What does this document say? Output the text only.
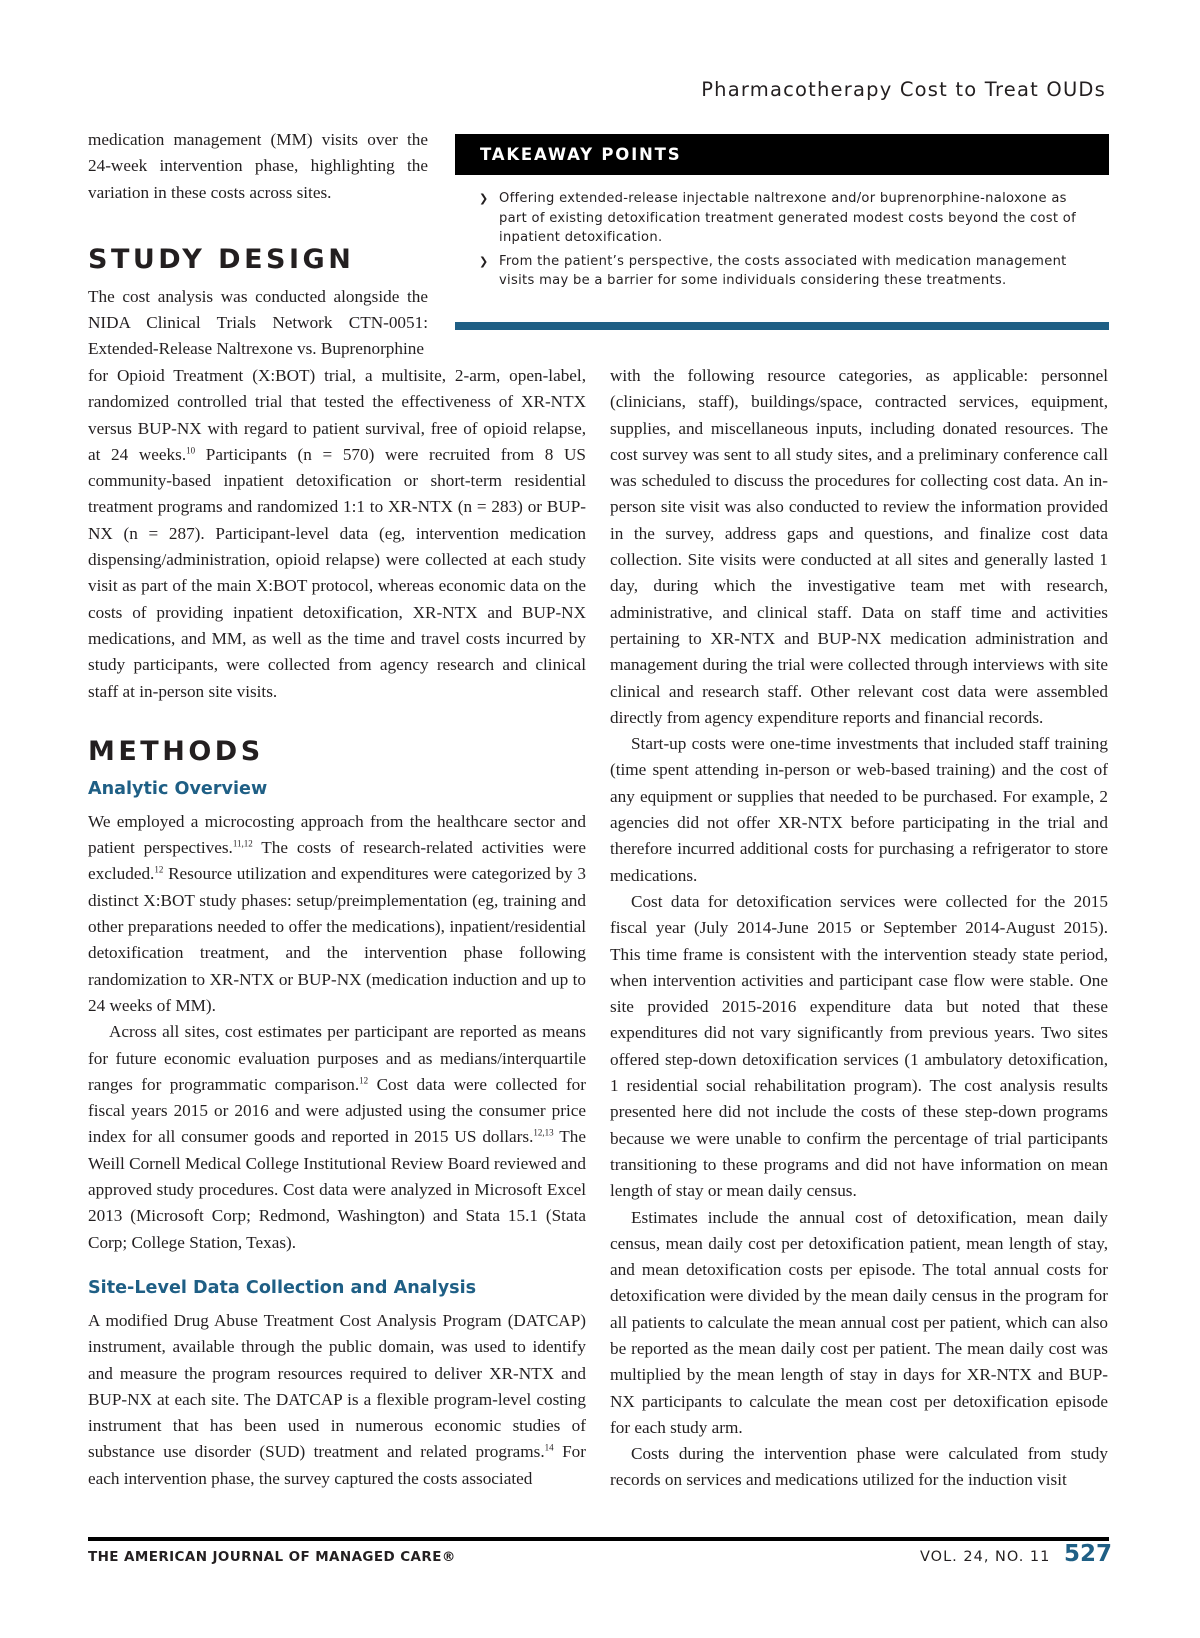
Pharmacotherapy Cost to Treat OUDs

medication management (MM) visits over the 24-week intervention phase, highlighting the variation in these costs across sites.

STUDY DESIGN

The cost analysis was conducted alongside the NIDA Clinical Trials Network CTN-0051: Extended-Release Naltrexone vs. Buprenorphine

TAKEAWAY POINTS
❯ Offering extended-release injectable naltrexone and/or buprenorphine-naloxone as part of existing detoxification treatment generated modest costs beyond the cost of inpatient detoxification.
❯ From the patient’s perspective, the costs associated with medication management visits may be a barrier for some individuals considering these treatments.

for Opioid Treatment (X:BOT) trial, a multisite, 2-arm, open-label, randomized controlled trial that tested the effectiveness of XR-NTX versus BUP-NX with regard to patient survival, free of opioid relapse, at 24 weeks.$^{10}$ Participants (n = 570) were recruited from 8 US community-based inpatient detoxification or short-term residential treatment programs and randomized 1:1 to XR-NTX (n = 283) or BUP-NX (n = 287). Participant-level data (eg, intervention medication dispensing/administration, opioid relapse) were collected at each study visit as part of the main X:BOT protocol, whereas economic data on the costs of providing inpatient detoxification, XR-NTX and BUP-NX medications, and MM, as well as the time and travel costs incurred by study participants, were collected from agency research and clinical staff at in-person site visits.

METHODS
Analytic Overview

We employed a microcosting approach from the healthcare sector and patient perspectives.$^{11,12}$ The costs of research-related activities were excluded.$^{12}$ Resource utilization and expenditures were categorized by 3 distinct X:BOT study phases: setup/preimplementation (eg, training and other preparations needed to offer the medications), inpatient/residential detoxification treatment, and the intervention phase following randomization to XR-NTX or BUP-NX (medication induction and up to 24 weeks of MM).

Across all sites, cost estimates per participant are reported as means for future economic evaluation purposes and as medians/interquartile ranges for programmatic comparison.$^{12}$ Cost data were collected for fiscal years 2015 or 2016 and were adjusted using the consumer price index for all consumer goods and reported in 2015 US dollars.$^{12,13}$ The Weill Cornell Medical College Institutional Review Board reviewed and approved study procedures. Cost data were analyzed in Microsoft Excel 2013 (Microsoft Corp; Redmond, Washington) and Stata 15.1 (Stata Corp; College Station, Texas).

Site-Level Data Collection and Analysis

A modified Drug Abuse Treatment Cost Analysis Program (DATCAP) instrument, available through the public domain, was used to identify and measure the program resources required to deliver XR-NTX and BUP-NX at each site. The DATCAP is a flexible program-level costing instrument that has been used in numerous economic studies of substance use disorder (SUD) treatment and related programs.$^{14}$ For each intervention phase, the survey captured the costs associated

with the following resource categories, as applicable: personnel (clinicians, staff), buildings/space, contracted services, equipment, supplies, and miscellaneous inputs, including donated resources. The cost survey was sent to all study sites, and a preliminary conference call was scheduled to discuss the procedures for collecting cost data. An in-person site visit was also conducted to review the information provided in the survey, address gaps and questions, and finalize cost data collection. Site visits were conducted at all sites and generally lasted 1 day, during which the investigative team met with research, administrative, and clinical staff. Data on staff time and activities pertaining to XR-NTX and BUP-NX medication administration and management during the trial were collected through interviews with site clinical and research staff. Other relevant cost data were assembled directly from agency expenditure reports and financial records.

Start-up costs were one-time investments that included staff training (time spent attending in-person or web-based training) and the cost of any equipment or supplies that needed to be purchased. For example, 2 agencies did not offer XR-NTX before participating in the trial and therefore incurred additional costs for purchasing a refrigerator to store medications.

Cost data for detoxification services were collected for the 2015 fiscal year (July 2014-June 2015 or September 2014-August 2015). This time frame is consistent with the intervention steady state period, when intervention activities and participant case flow were stable. One site provided 2015-2016 expenditure data but noted that these expenditures did not vary significantly from previous years. Two sites offered step-down detoxification services (1 ambulatory detoxification, 1 residential social rehabilitation program). The cost analysis results presented here did not include the costs of these step-down programs because we were unable to confirm the percentage of trial participants transitioning to these programs and did not have information on mean length of stay or mean daily census.

Estimates include the annual cost of detoxification, mean daily census, mean daily cost per detoxification patient, mean length of stay, and mean detoxification costs per episode. The total annual costs for detoxification were divided by the mean daily census in the program for all patients to calculate the mean annual cost per patient, which can also be reported as the mean daily cost per patient. The mean daily cost was multiplied by the mean length of stay in days for XR-NTX and BUP-NX participants to calculate the mean cost per detoxification episode for each study arm.

Costs during the intervention phase were calculated from study records on services and medications utilized for the induction visit

THE AMERICAN JOURNAL OF MANAGED CARE®	VOL. 24, NO. 11 527
